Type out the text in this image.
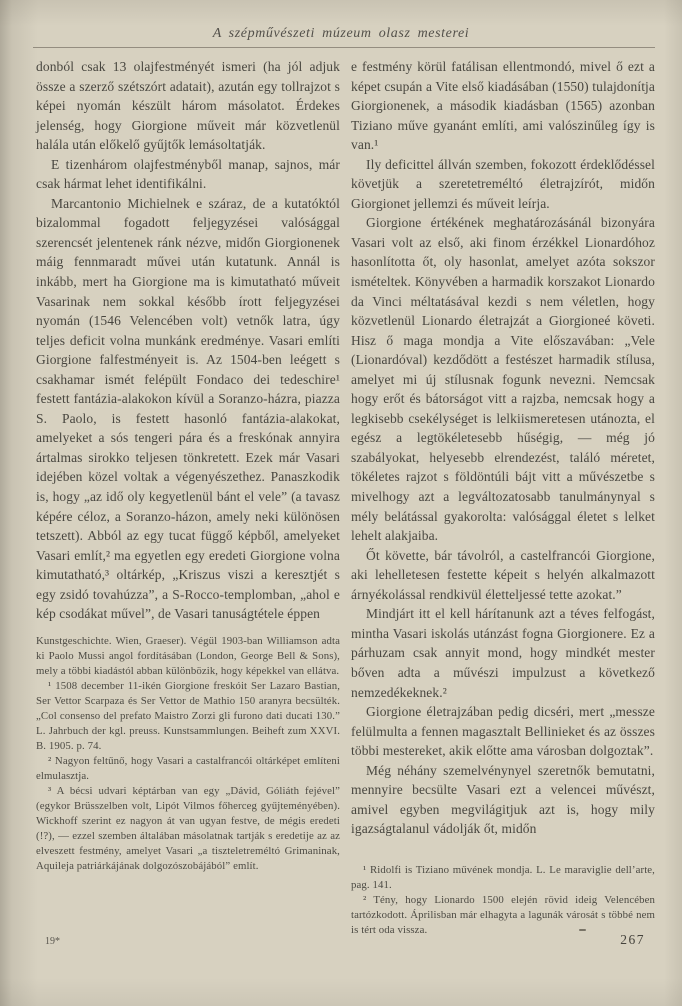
A szépművészeti múzeum olasz mesterei

donból csak 13 olajfestményét ismeri (ha jól adjuk össze a szerző szétszórt adatait), azután egy tollrajzot s képei nyomán készült három másolatot. Érdekes jelenség, hogy Giorgione műveit már közvetlenül halála után előkelő gyűjtők lemásoltatják.

E tizenhárom olajfestményből manap, sajnos, már csak hármat lehet identifikálni.

Marcantonio Michielnek e száraz, de a kutatóktól bizalommal fogadott feljegyzései valósággal szerencsét jelentenek ránk nézve, midőn Giorgionenek máig fennmaradt művei után kutatunk. Annál is inkább, mert ha Giorgione ma is kimutatható műveit Vasarinak nem sokkal később írott feljegyzései nyomán (1546 Velencében volt) vetnők latra, úgy teljes deficit volna munkánk eredménye. Vasari említi Giorgione falfestményeit is. Az 1504-ben leégett s csakhamar ismét felépült Fondaco dei tedeschire¹ festett fantázia-alakokon kívül a Soranzo-házra, piazza S. Paolo, is festett hasonló fantázia-alakokat, amelyeket a sós tengeri pára és a freskónak annyira ártalmas sirokko teljesen tönkretett. Ezek már Vasari idejében közel voltak a végenyészethez. Panaszkodik is, hogy „az idő oly kegyetlenül bánt el vele” (a tavasz képére céloz, a Soranzo-házon, amely neki különösen tetszett). Abból az egy tucat függő képből, amelyeket Vasari említ,² ma egyetlen egy eredeti Giorgione volna kimutatható,³ oltárkép, „Kriszus viszi a keresztjét s egy zsidó tovahúzza”, a S-Rocco-templomban, „ahol e kép csodákat művel”, de Vasari tanuságtétele éppen

Kunstgeschichte. Wien, Graeser). Végül 1903-ban Williamson adta ki Paolo Mussi angol fordításában (London, George Bell & Sons), mely a többi kiadástól abban különbözik, hogy képekkel van ellátva.

¹ 1508 december 11-ikén Giorgione freskóit Ser Lazaro Bastian, Ser Vettor Scarpaza és Ser Vettor de Mathio 150 aranyra becsülték. „Col consenso del prefato Maistro Zorzi gli furono dati ducati 130.” L. Jahrbuch der kgl. preuss. Kunstsammlungen. Beiheft zum XXVI. B. 1905. p. 74.

² Nagyon feltűnő, hogy Vasari a castalfrancói oltárképet említeni elmulasztja.

³ A bécsi udvari képtárban van egy „Dávid, Góliáth fejével” (egykor Brüsszelben volt, Lipót Vilmos főherceg gyűjteményében). Wickhoff szerint ez nagyon át van ugyan festve, de mégis eredeti (!?), — ezzel szemben általában másolatnak tartják s eredetije az az elveszett festmény, amelyet Vasari „a tiszteletreméltó Grimaninak, Aquileja patriárkájának dolgozószobájából” említ.

e festmény körül fatálisan ellentmondó, mivel ő ezt a képet csupán a Vite első kiadásában (1550) tulajdonítja Giorgionenek, a második kiadásban (1565) azonban Tiziano műve gyanánt említi, ami valószinűleg így is van.¹

Ily deficittel állván szemben, fokozott érdeklődéssel követjük a szeretetreméltó életrajzírót, midőn Giorgionet jellemzi és műveit leírja.

Giorgione értékének meghatározásánál bizonyára Vasari volt az első, aki finom érzékkel Lionardóhoz hasonlította őt, oly hasonlat, amelyet azóta sokszor ismételtek. Könyvében a harmadik korszakot Lionardo da Vinci méltatásával kezdi s nem véletlen, hogy közvetlenül Lionardo életrajzát a Giorgioneé követi. Hisz ő maga mondja a Vite előszavában: „Vele (Lionardóval) kezdődött a festészet harmadik stílusa, amelyet mi új stílusnak fogunk nevezni. Nemcsak hogy erőt és bátorságot vitt a rajzba, nemcsak hogy a legkisebb csekélységet is lelkiismeretesen utánozta, el egész a legtökéletesebb hűségig, — még jó szabályokat, helyesebb elrendezést, találó méretet, tökéletes rajzot s földöntúli bájt vitt a művészetbe s mivelhogy azt a legváltozatosabb tanulmánynyal s mély belátással gyakorolta: valósággal életet s lelket lehelt alakjaiba.

Őt követte, bár távolról, a castelfrancói Giorgione, aki lehelletesen festette képeit s helyén alkalmazott árnyékolással rendkivül életteljessé tette azokat.”

Mindjárt itt el kell hárítanunk azt a téves felfogást, mintha Vasari iskolás utánzást fogna Giorgionere. Ez a párhuzam csak annyit mond, hogy mindkét mester bőven adta a művészi impulzust a következő nemzedékeknek.²

Giorgione életrajzában pedig dicséri, mert „messze felülmulta a fennen magasztalt Bellinieket és az összes többi mestereket, akik előtte ama városban dolgoztak”.

Még néhány szemelvénynyel szeretnők bemutatni, mennyire becsülte Vasari ezt a velencei művészt, amivel egyben megvilágitjuk azt is, hogy mily igazságtalanul vádolják őt, midőn

¹ Ridolfi is Tiziano művének mondja. L. Le maraviglie dell’arte, pag. 141.

² Tény, hogy Lionardo 1500 elején rövid ideig Velencében tartózkodott. Áprilisban már elhagyta a lagunák városát s többé nem is tért oda vissza.

19*	267
